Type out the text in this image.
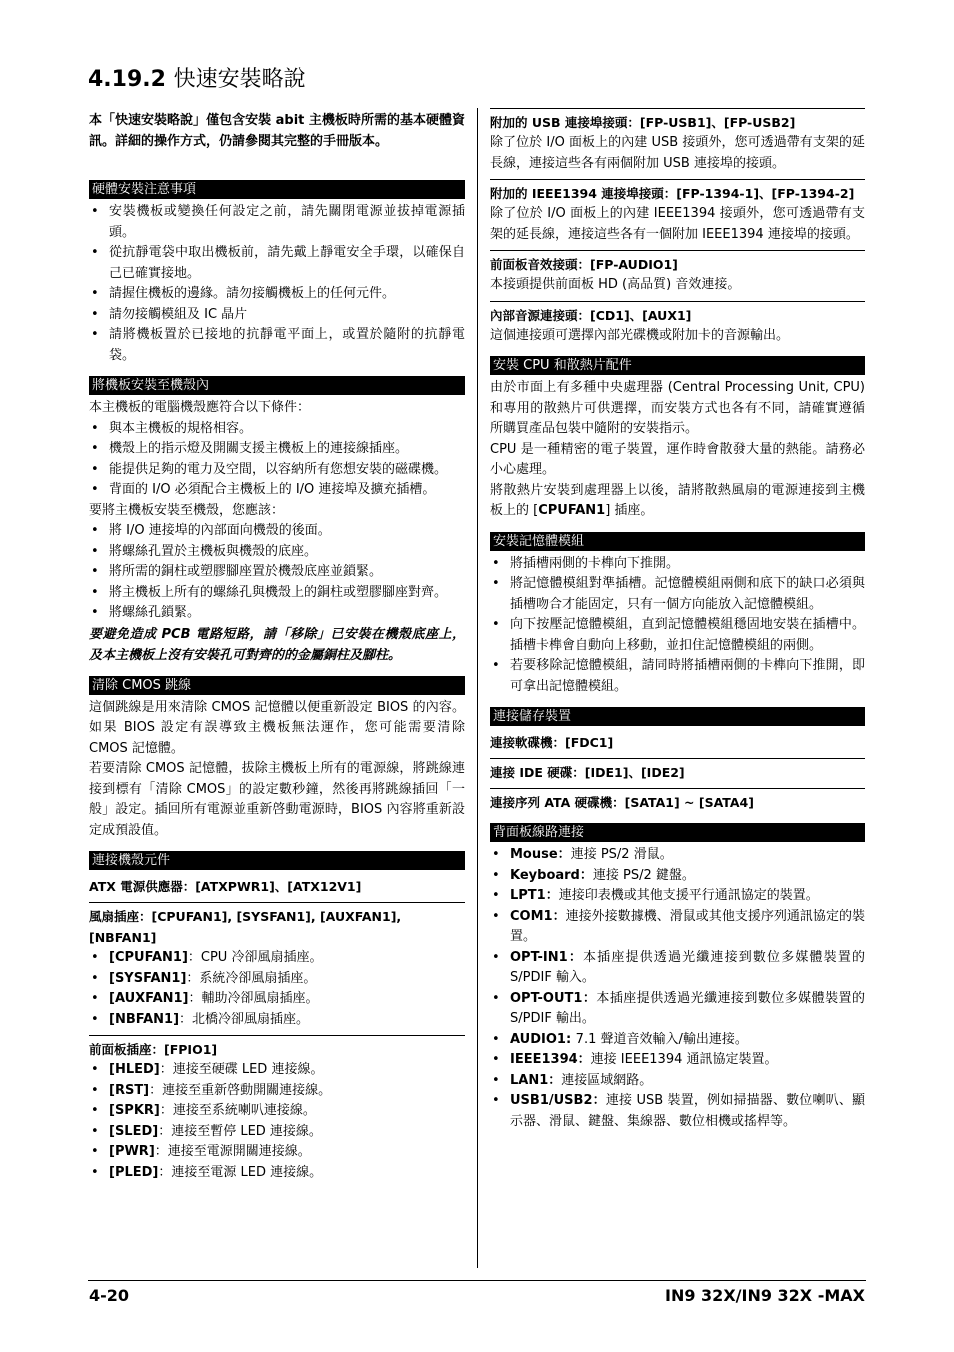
4.19.2 快速安裝略說

本「快速安裝略說」僅包含安裝 abit 主機板時所需的基本硬體資訊。詳細的操作方式，仍請參閱其完整的手冊版本。

硬體安裝注意事項
• 安裝機板或變換任何設定之前，請先關閉電源並拔掉電源插頭。
• 從抗靜電袋中取出機板前，請先戴上靜電安全手環，以確保自己已確實接地。
• 請握住機板的邊緣。請勿接觸機板上的任何元件。
• 請勿接觸模組及 IC 晶片
• 請將機板置於已接地的抗靜電平面上，或置於隨附的抗靜電袋。
將機板安裝至機殼內

本主機板的電腦機殼應符合以下條件：

• 與本主機板的規格相容。
• 機殼上的指示燈及開關支援主機板上的連接線插座。
• 能提供足夠的電力及空間，以容納所有您想安裝的磁碟機。
• 背面的 I/O 必須配合主機板上的 I/O 連接埠及擴充插槽。

要將主機板安裝至機殼，您應該：

• 將 I/O 連接埠的內部面向機殼的後面。
• 將螺絲孔置於主機板與機殼的底座。
• 將所需的銅柱或塑膠腳座置於機殼底座並鎖緊。
• 將主機板上所有的螺絲孔與機殼上的銅柱或塑膠腳座對齊。
• 將螺絲孔鎖緊。

要避免造成 PCB 電路短路，請「移除」已安裝在機殼底座上，及本主機板上沒有安裝孔可對齊的的金屬銅柱及腳柱。

清除 CMOS 跳線

這個跳線是用來清除 CMOS 記憶體以便重新設定 BIOS 的內容。如果 BIOS 設定有誤導致主機板無法運作，您可能需要清除 CMOS 記憶體。

若要清除 CMOS 記憶體，拔除主機板上所有的電源線，將跳線連接到標有「清除 CMOS」的設定數秒鐘，然後再將跳線插回「一般」設定。插回所有電源並重新啓動電源時，BIOS 內容將重新設定成預設值。

連接機殼元件
ATX 電源供應器：[ATXPWR1]、[ATX12V1]
風扇插座：[CPUFAN1], [SYSFAN1], [AUXFAN1], [NBFAN1]
• [CPUFAN1]：CPU 冷卻風扇插座。
• [SYSFAN1]：系統冷卻風扇插座。
• [AUXFAN1]：輔助冷卻風扇插座。
• [NBFAN1]：北橋冷卻風扇插座。
前面板插座：[FPIO1]
• [HLED]：連接至硬碟 LED 連接線。
• [RST]：連接至重新啓動開關連接線。
• [SPKR]：連接至系統喇叭連接線。
• [SLED]：連接至暫停 LED 連接線。
• [PWR]：連接至電源開關連接線。
• [PLED]：連接至電源 LED 連接線。
附加的 USB 連接埠接頭：[FP-USB1]、[FP-USB2]

除了位於 I/O 面板上的內建 USB 接頭外，您可透過帶有支架的延長線，連接這些各有兩個附加 USB 連接埠的接頭。

附加的 IEEE1394 連接埠接頭：[FP-1394-1]、[FP-1394-2]

除了位於 I/O 面板上的內建 IEEE1394 接頭外，您可透過帶有支架的延長線，連接這些各有一個附加 IEEE1394 連接埠的接頭。

前面板音效接頭：[FP-AUDIO1]

本接頭提供前面板 HD (高品質) 音效連接。

內部音源連接頭：[CD1]、[AUX1]

這個連接頭可選擇內部光碟機或附加卡的音源輸出。

安裝 CPU 和散熱片配件

由於市面上有多種中央處理器 (Central Processing Unit, CPU) 和專用的散熱片可供選擇，而安裝方式也各有不同，請確實遵循所購買產品包裝中隨附的安裝指示。

CPU 是一種精密的電子裝置，運作時會散發大量的熱能。請務必小心處理。

將散熱片安裝到處理器上以後，請將散熱風扇的電源連接到主機板上的 [CPUFAN1] 插座。

安裝記憶體模組
• 將插槽兩側的卡榫向下推開。
• 將記憶體模組對準插槽。記憶體模組兩側和底下的缺口必須與插槽吻合才能固定，只有一個方向能放入記憶體模組。
• 向下按壓記憶體模組，直到記憶體模組穩固地安裝在插槽中。插槽卡榫會自動向上移動，並扣住記憶體模組的兩側。
• 若要移除記憶體模組，請同時將插槽兩側的卡榫向下推開，即可拿出記憶體模組。
連接儲存裝置
連接軟碟機：[FDC1]
連接 IDE 硬碟：[IDE1]、[IDE2]
連接序列 ATA 硬碟機：[SATA1] ~ [SATA4]
背面板線路連接
• Mouse：連接 PS/2 滑鼠。
• Keyboard：連接 PS/2 鍵盤。
• LPT1：連接印表機或其他支援平行通訊協定的裝置。
• COM1：連接外接數據機、滑鼠或其他支援序列通訊協定的裝置。
• OPT-IN1：本插座提供透過光纖連接到數位多媒體裝置的 S/PDIF 輸入。
• OPT-OUT1：本插座提供透過光纖連接到數位多媒體裝置的 S/PDIF 輸出。
• AUDIO1: 7.1 聲道音效輸入/輸出連接。
• IEEE1394：連接 IEEE1394 通訊協定裝置。
• LAN1：連接區域網路。
• USB1/USB2：連接 USB 裝置，例如掃描器、數位喇叭、顯示器、滑鼠、鍵盤、集線器、數位相機或搖桿等。
4-20	IN9 32X/IN9 32X -MAX
